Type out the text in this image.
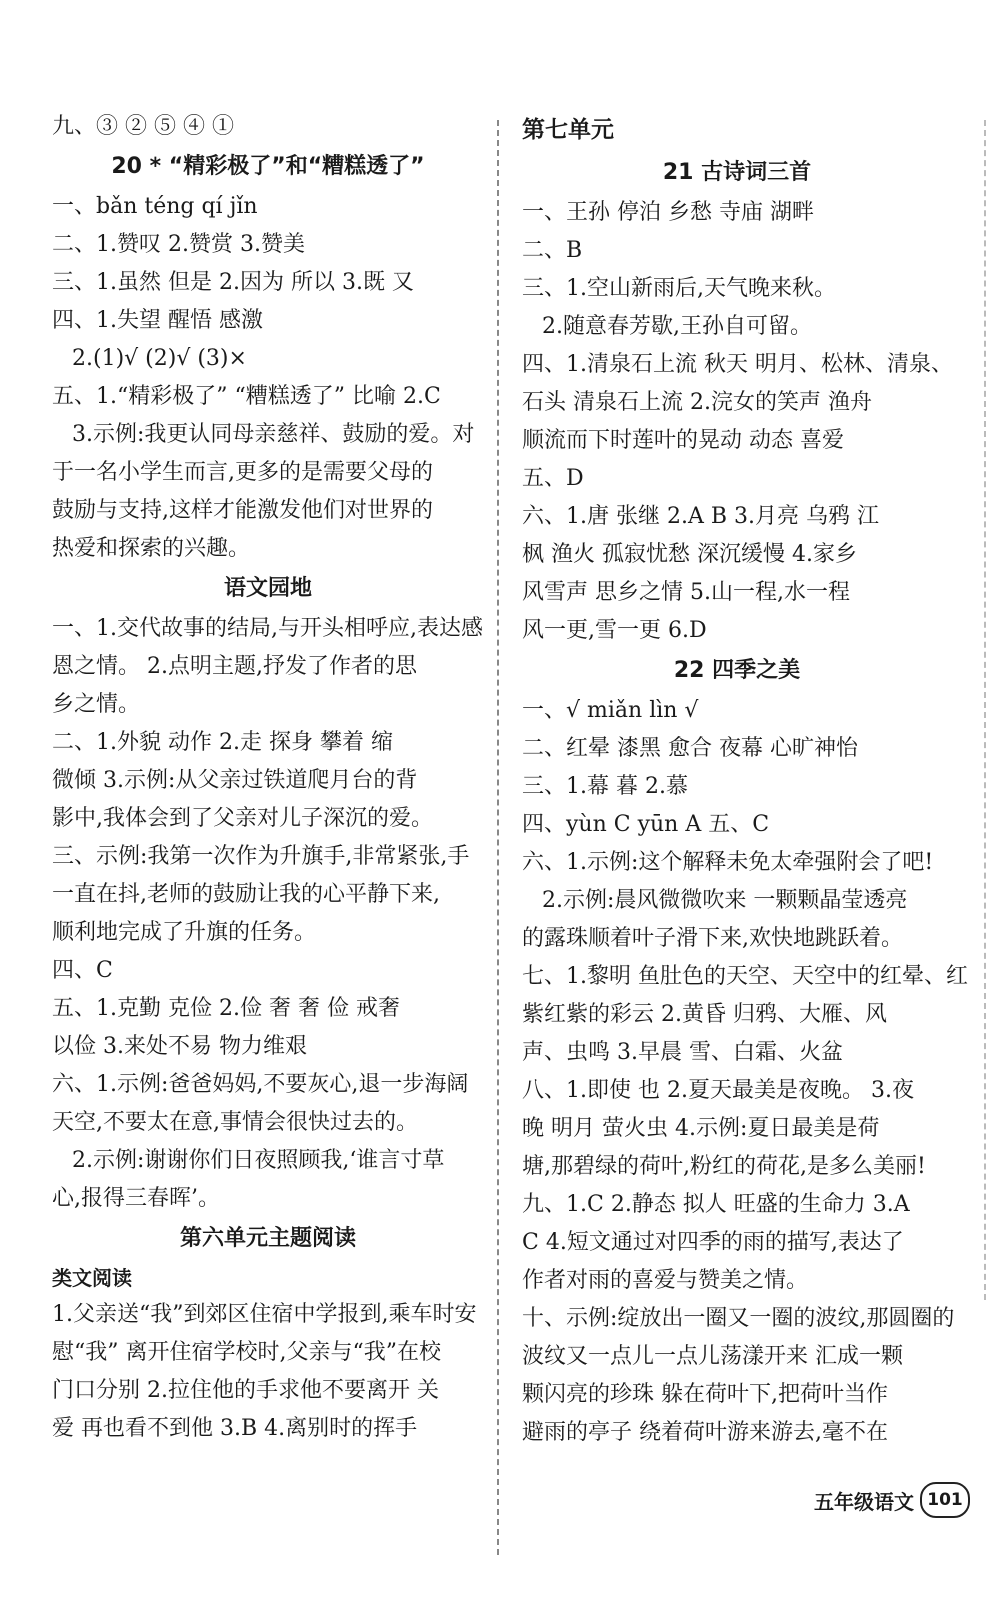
九、③ ② ⑤ ④ ①
20 * “精彩极了”和“糟糕透了”
一、bǎn téng qí jǐn
二、1.赞叹 2.赞赏 3.赞美
三、1.虽然 但是 2.因为 所以 3.既 又
四、1.失望 醒悟 感激
2.(1)√ (2)√ (3)×
五、1.“精彩极了” “糟糕透了” 比喻 2.C
3.示例:我更认同母亲慈祥、鼓励的爱。对
于一名小学生而言,更多的是需要父母的
鼓励与支持,这样才能激发他们对世界的
热爱和探索的兴趣。
语文园地
一、1.交代故事的结局,与开头相呼应,表达感
恩之情。 2.点明主题,抒发了作者的思
乡之情。
二、1.外貌 动作 2.走 探身 攀着 缩
微倾 3.示例:从父亲过铁道爬月台的背
影中,我体会到了父亲对儿子深沉的爱。
三、示例:我第一次作为升旗手,非常紧张,手
一直在抖,老师的鼓励让我的心平静下来,
顺利地完成了升旗的任务。
四、C
五、1.克勤 克俭 2.俭 奢 奢 俭 戒奢
以俭 3.来处不易 物力维艰
六、1.示例:爸爸妈妈,不要灰心,退一步海阔
天空,不要太在意,事情会很快过去的。
2.示例:谢谢你们日夜照顾我,‘谁言寸草
心,报得三春晖’。
第六单元主题阅读
类文阅读
1.父亲送“我”到郊区住宿中学报到,乘车时安
慰“我” 离开住宿学校时,父亲与“我”在校
门口分别 2.拉住他的手求他不要离开 关
爱 再也看不到他 3.B 4.离别时的挥手
第七单元
21 古诗词三首
一、王孙 停泊 乡愁 寺庙 湖畔
二、B
三、1.空山新雨后,天气晚来秋。
2.随意春芳歇,王孙自可留。
四、1.清泉石上流 秋天 明月、松林、清泉、
石头 清泉石上流 2.浣女的笑声 渔舟
顺流而下时莲叶的晃动 动态 喜爱
五、D
六、1.唐 张继 2.A B 3.月亮 乌鸦 江
枫 渔火 孤寂忧愁 深沉缓慢 4.家乡
风雪声 思乡之情 5.山一程,水一程
风一更,雪一更 6.D
22 四季之美
一、√ miǎn lìn √
二、红晕 漆黑 愈合 夜幕 心旷神怡
三、1.幕 暮 2.慕
四、yùn C yūn A 五、C
六、1.示例:这个解释未免太牵强附会了吧!
2.示例:晨风微微吹来 一颗颗晶莹透亮
的露珠顺着叶子滑下来,欢快地跳跃着。
七、1.黎明 鱼肚色的天空、天空中的红晕、红
紫红紫的彩云 2.黄昏 归鸦、大雁、风
声、虫鸣 3.早晨 雪、白霜、火盆
八、1.即使 也 2.夏天最美是夜晚。 3.夜
晚 明月 萤火虫 4.示例:夏日最美是荷
塘,那碧绿的荷叶,粉红的荷花,是多么美丽!
九、1.C 2.静态 拟人 旺盛的生命力 3.A
C 4.短文通过对四季的雨的描写,表达了
作者对雨的喜爱与赞美之情。
十、示例:绽放出一圈又一圈的波纹,那圆圈的
波纹又一点儿一点儿荡漾开来 汇成一颗
颗闪亮的珍珠 躲在荷叶下,把荷叶当作
避雨的亭子 绕着荷叶游来游去,毫不在
五年级语文 101
